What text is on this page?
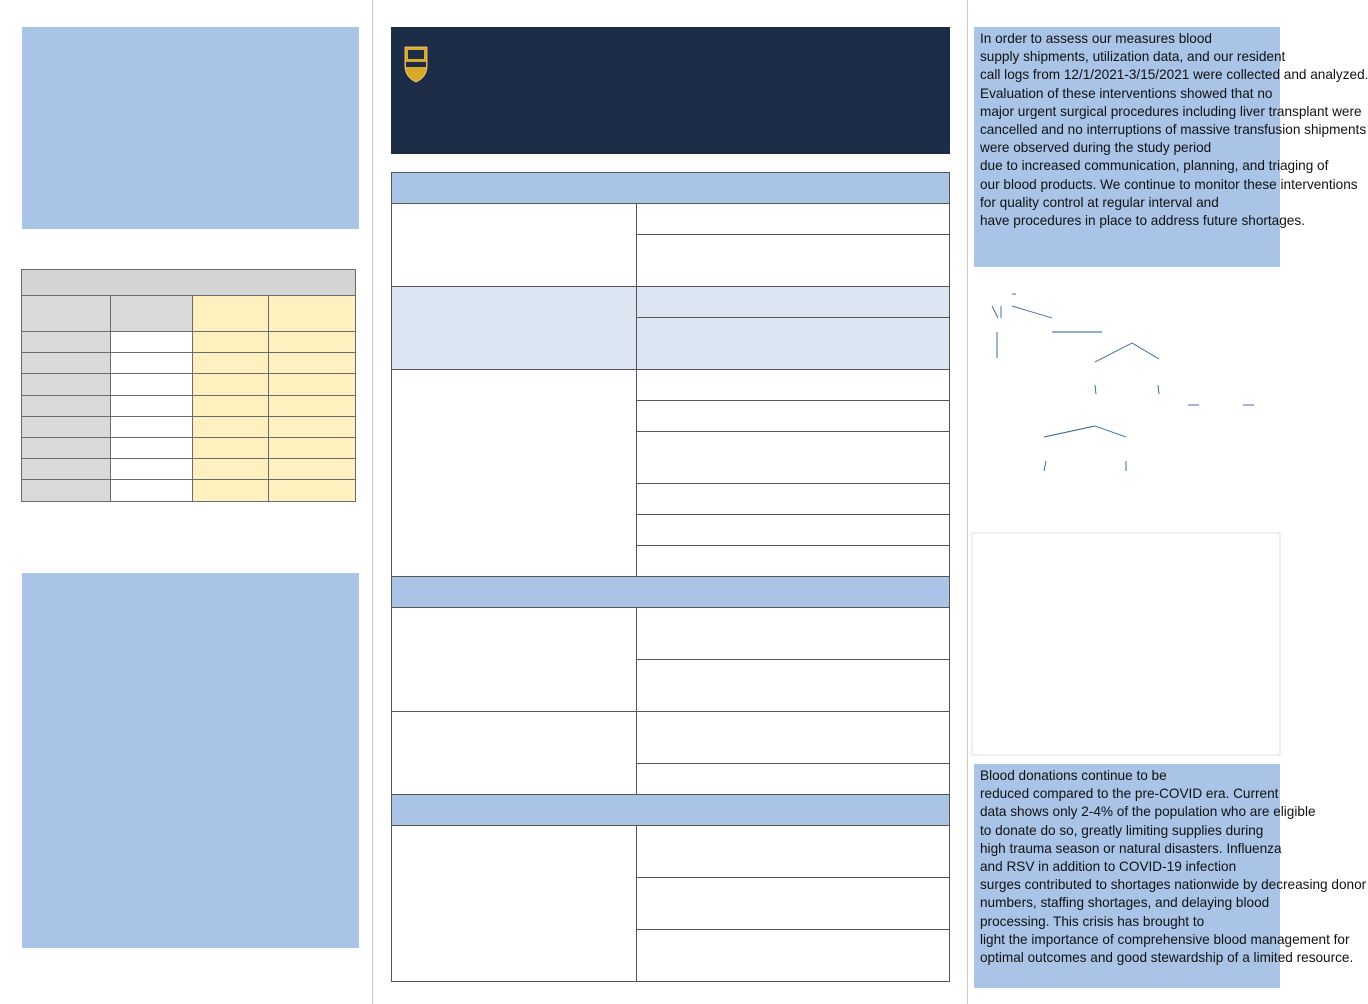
In order to assess our measures blood
supply shipments, utilization data, and our resident
call logs from 12/1/2021-3/15/2021 were collected and analyzed.
Evaluation of these interventions showed that no
major urgent surgical procedures including liver transplant were
cancelled and no interruptions of massive transfusion shipments
were observed during the study period
due to increased communication, planning, and triaging of
our blood products. We continue to monitor these interventions
for quality control at regular interval and
have procedures in place to address future shortages.

Blood donations continue to be
reduced compared to the pre-COVID era. Current
data shows only 2-4% of the population who are eligible
to donate do so, greatly limiting supplies during
high trauma season or natural disasters. Influenza
and RSV in addition to COVID-19 infection
surges contributed to shortages nationwide by decreasing donor
numbers, staffing shortages, and delaying blood
processing. This crisis has brought to
light the importance of comprehensive blood management for
optimal outcomes and good stewardship of a limited resource.
